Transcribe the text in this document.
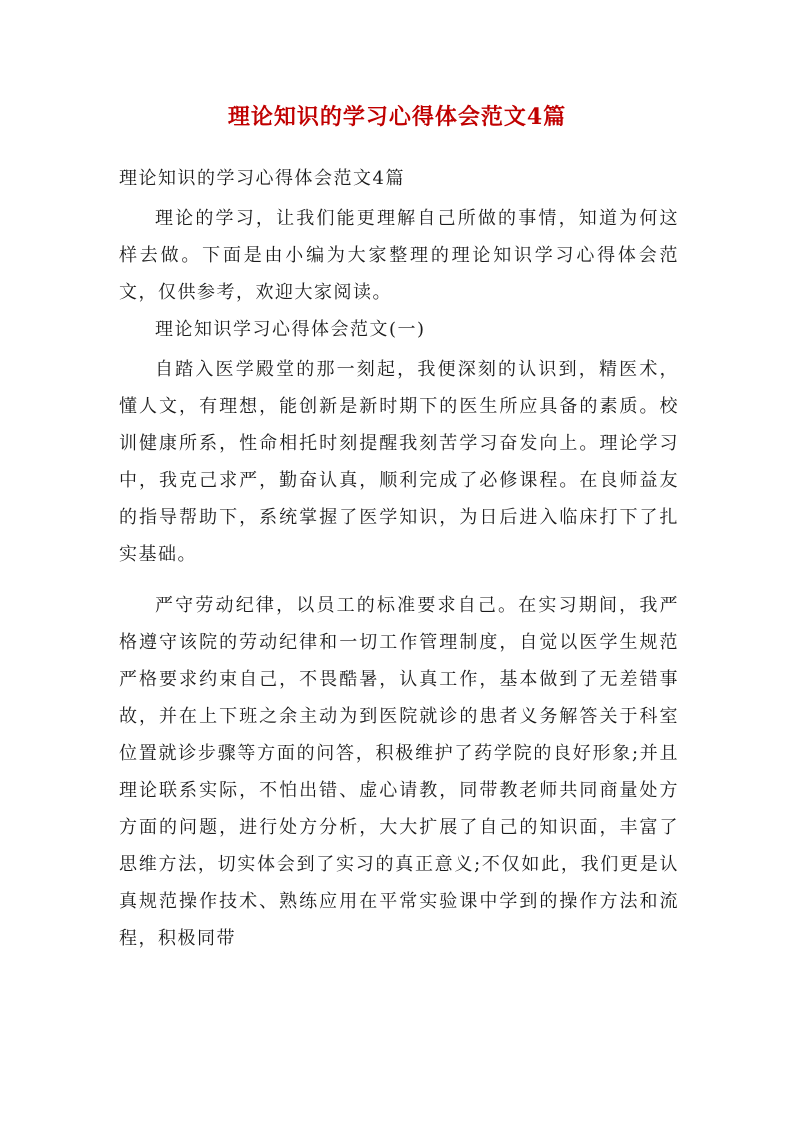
理论知识的学习心得体会范文4篇

理论知识的学习心得体会范文4篇

理论的学习，让我们能更理解自己所做的事情，知道为何这样去做。下面是由小编为大家整理的理论知识学习心得体会范文，仅供参考，欢迎大家阅读。

理论知识学习心得体会范文(一)

自踏入医学殿堂的那一刻起，我便深刻的认识到，精医术，懂人文，有理想，能创新是新时期下的医生所应具备的素质。校训健康所系，性命相托时刻提醒我刻苦学习奋发向上。理论学习中，我克己求严，勤奋认真，顺利完成了必修课程。在良师益友的指导帮助下，系统掌握了医学知识，为日后进入临床打下了扎实基础。

严守劳动纪律，以员工的标准要求自己。在实习期间，我严格遵守该院的劳动纪律和一切工作管理制度，自觉以医学生规范严格要求约束自己，不畏酷暑，认真工作，基本做到了无差错事故，并在上下班之余主动为到医院就诊的患者义务解答关于科室位置就诊步骤等方面的问答，积极维护了药学院的良好形象;并且理论联系实际，不怕出错、虚心请教，同带教老师共同商量处方方面的问题，进行处方分析，大大扩展了自己的知识面，丰富了思维方法，切实体会到了实习的真正意义;不仅如此，我们更是认真规范操作技术、熟练应用在平常实验课中学到的操作方法和流程，积极同带
